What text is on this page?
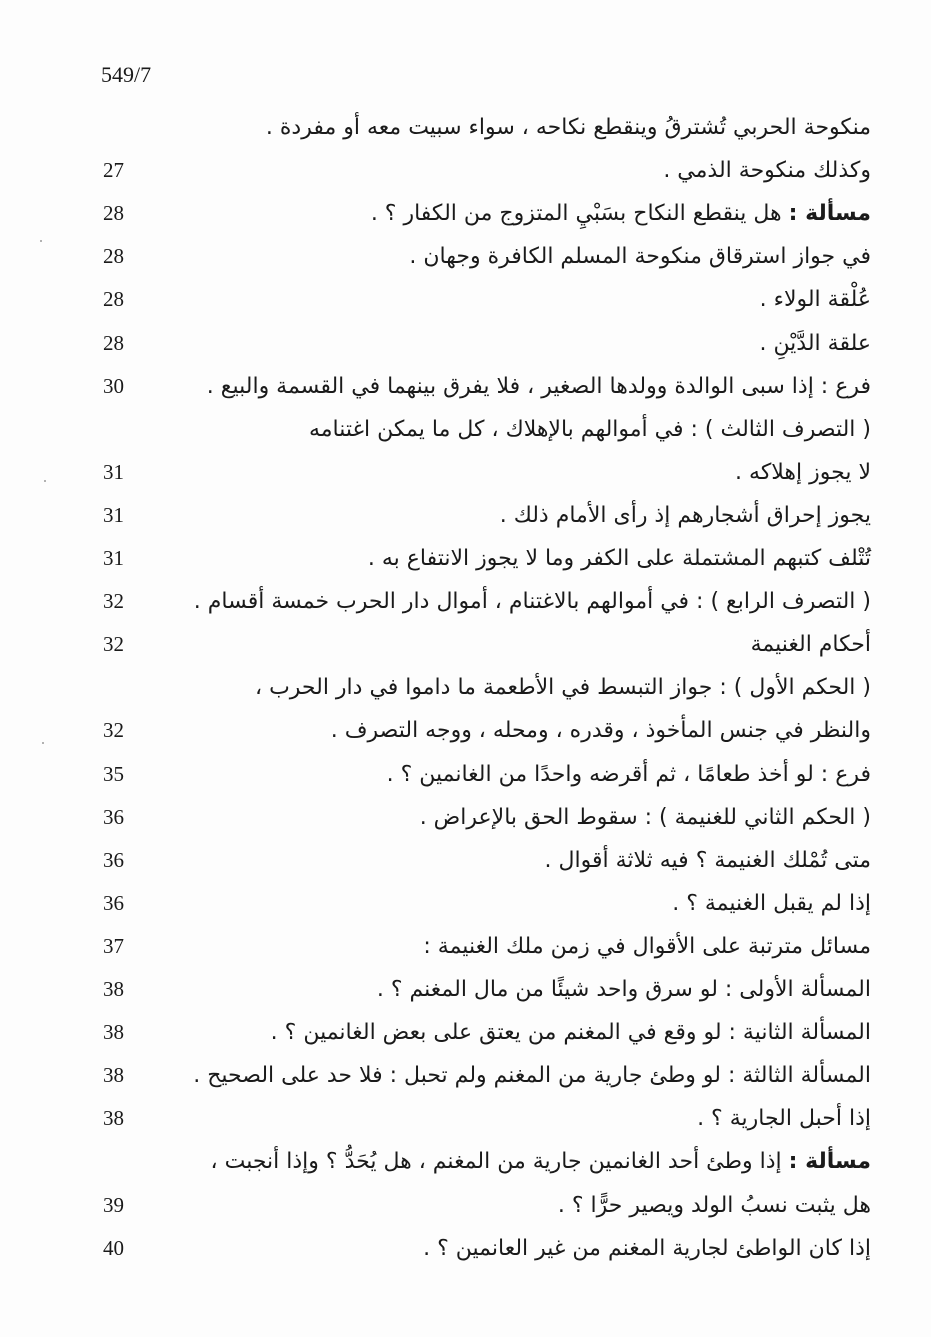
549/7
منكوحة الحربي تُشترقُ وينقطع نكاحه ، سواء سبيت معه أو مفردة .
وكذلك منكوحة الذمي .
27
مسألة : هل ينقطع النكاح بسَبْيِ المتزوج من الكفار ؟ .
28
في جواز استرقاق منكوحة المسلم الكافرة وجهان .
28
عُلْقة الولاء .
28
علقة الدَّيْنِ .
28
فرع : إذا سبى الوالدة وولدها الصغير ، فلا يفرق بينهما في القسمة والبيع .
30
( التصرف الثالث ) : في أموالهم بالإهلاك ، كل ما يمكن اغتنامه
لا يجوز إهلاكه .
31
يجوز إحراق أشجارهم إذ رأى الأمام ذلك .
31
تُتْلف كتبهم المشتملة على الكفر وما لا يجوز الانتفاع به .
31
( التصرف الرابع ) : في أموالهم بالاغتنام ، أموال دار الحرب خمسة أقسام .
32
أحكام الغنيمة
32
( الحكم الأول ) : جواز التبسط في الأطعمة ما داموا في دار الحرب ،
والنظر في جنس المأخوذ ، وقدره ، ومحله ، ووجه التصرف .
32
فرع : لو أخذ طعامًا ، ثم أقرضه واحدًا من الغانمين ؟ .
35
( الحكم الثاني للغنيمة ) : سقوط الحق بالإعراض .
36
متى تُمْلك الغنيمة ؟ فيه ثلاثة أقوال .
36
إذا لم يقبل الغنيمة ؟ .
36
مسائل مترتبة على الأقوال في زمن ملك الغنيمة :
37
المسألة الأولى : لو سرق واحد شيئًا من مال المغنم ؟ .
38
المسألة الثانية : لو وقع في المغنم من يعتق على بعض الغانمين ؟ .
38
المسألة الثالثة : لو وطئ جارية من المغنم ولم تحبل : فلا حد على الصحيح .
38
إذا أحبل الجارية ؟ .
38
مسألة : إذا وطئ أحد الغانمين جارية من المغنم ، هل يُحَدُّ ؟ وإذا أنجبت ،
هل يثبت نسبُ الولد ويصير حرًّا ؟ .
39
إذا كان الواطئ لجارية المغنم من غير العانمين ؟ .
40
